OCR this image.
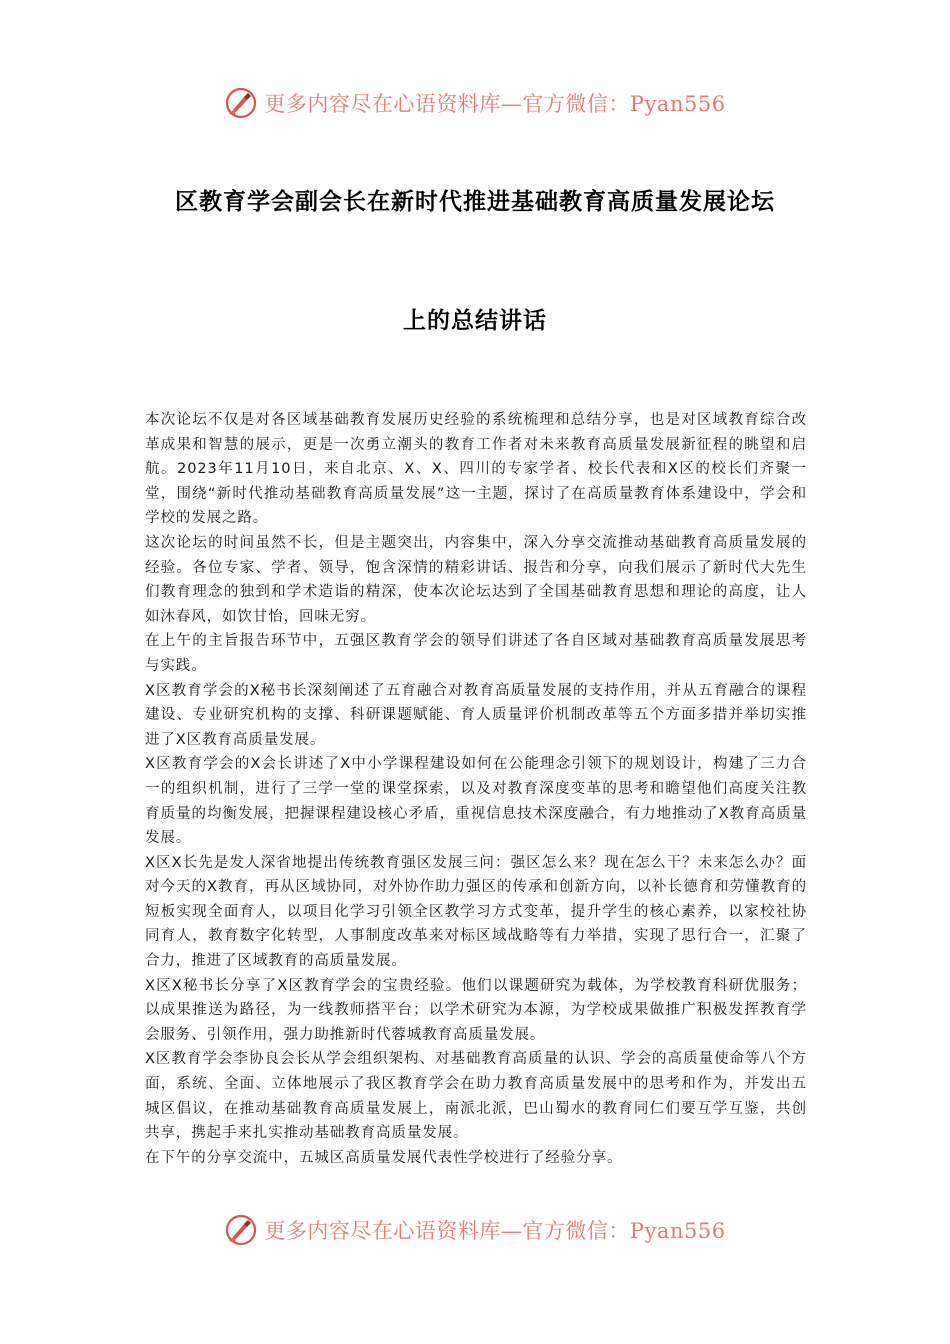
更多内容尽在心语资料库—官方微信：Pyan556
区教育学会副会长在新时代推进基础教育高质量发展论坛
上的总结讲话

本次论坛不仅是对各区域基础教育发展历史经验的系统梳理和总结分享，也是对区域教育综合改革成果和智慧的展示，更是一次勇立潮头的教育工作者对未来教育高质量发展新征程的眺望和启航。2023年11月10日，来自北京、X、X、四川的专家学者、校长代表和X区的校长们齐聚一堂，围绕“新时代推动基础教育高质量发展”这一主题，探讨了在高质量教育体系建设中，学会和学校的发展之路。

这次论坛的时间虽然不长，但是主题突出，内容集中，深入分享交流推动基础教育高质量发展的经验。各位专家、学者、领导，饱含深情的精彩讲话、报告和分享，向我们展示了新时代大先生们教育理念的独到和学术造诣的精深，使本次论坛达到了全国基础教育思想和理论的高度，让人如沐春风，如饮甘怡，回味无穷。

在上午的主旨报告环节中，五强区教育学会的领导们讲述了各自区域对基础教育高质量发展思考与实践。

X区教育学会的X秘书长深刻阐述了五育融合对教育高质量发展的支持作用，并从五育融合的课程建设、专业研究机构的支撑、科研课题赋能、育人质量评价机制改革等五个方面多措并举切实推进了X区教育高质量发展。

X区教育学会的X会长讲述了X中小学课程建设如何在公能理念引领下的规划设计，构建了三力合一的组织机制，进行了三学一堂的课堂探索，以及对教育深度变革的思考和瞻望他们高度关注教育质量的均衡发展，把握课程建设核心矛盾，重视信息技术深度融合，有力地推动了X教育高质量发展。

X区X长先是发人深省地提出传统教育强区发展三问：强区怎么来？现在怎么干？未来怎么办？面对今天的X教育，再从区域协同，对外协作助力强区的传承和创新方向，以补长德育和劳懂教育的短板实现全面育人，以项目化学习引领全区教学习方式变革，提升学生的核心素养，以家校社协同育人，教育数字化转型，人事制度改革来对标区域战略等有力举措，实现了思行合一，汇聚了合力，推进了区域教育的高质量发展。

X区X秘书长分享了X区教育学会的宝贵经验。他们以课题研究为载体，为学校教育科研优服务；以成果推送为路径，为一线教师搭平台；以学术研究为本源，为学校成果做推广积极发挥教育学会服务、引领作用，强力助推新时代蓉城教育高质量发展。

X区教育学会李协良会长从学会组织架构、对基础教育高质量的认识、学会的高质量使命等八个方面，系统、全面、立体地展示了我区教育学会在助力教育高质量发展中的思考和作为，并发出五城区倡议，在推动基础教育高质量发展上，南派北派，巴山蜀水的教育同仁们要互学互鉴，共创共享，携起手来扎实推动基础教育高质量发展。

在下午的分享交流中，五城区高质量发展代表性学校进行了经验分享。

更多内容尽在心语资料库—官方微信：Pyan556
